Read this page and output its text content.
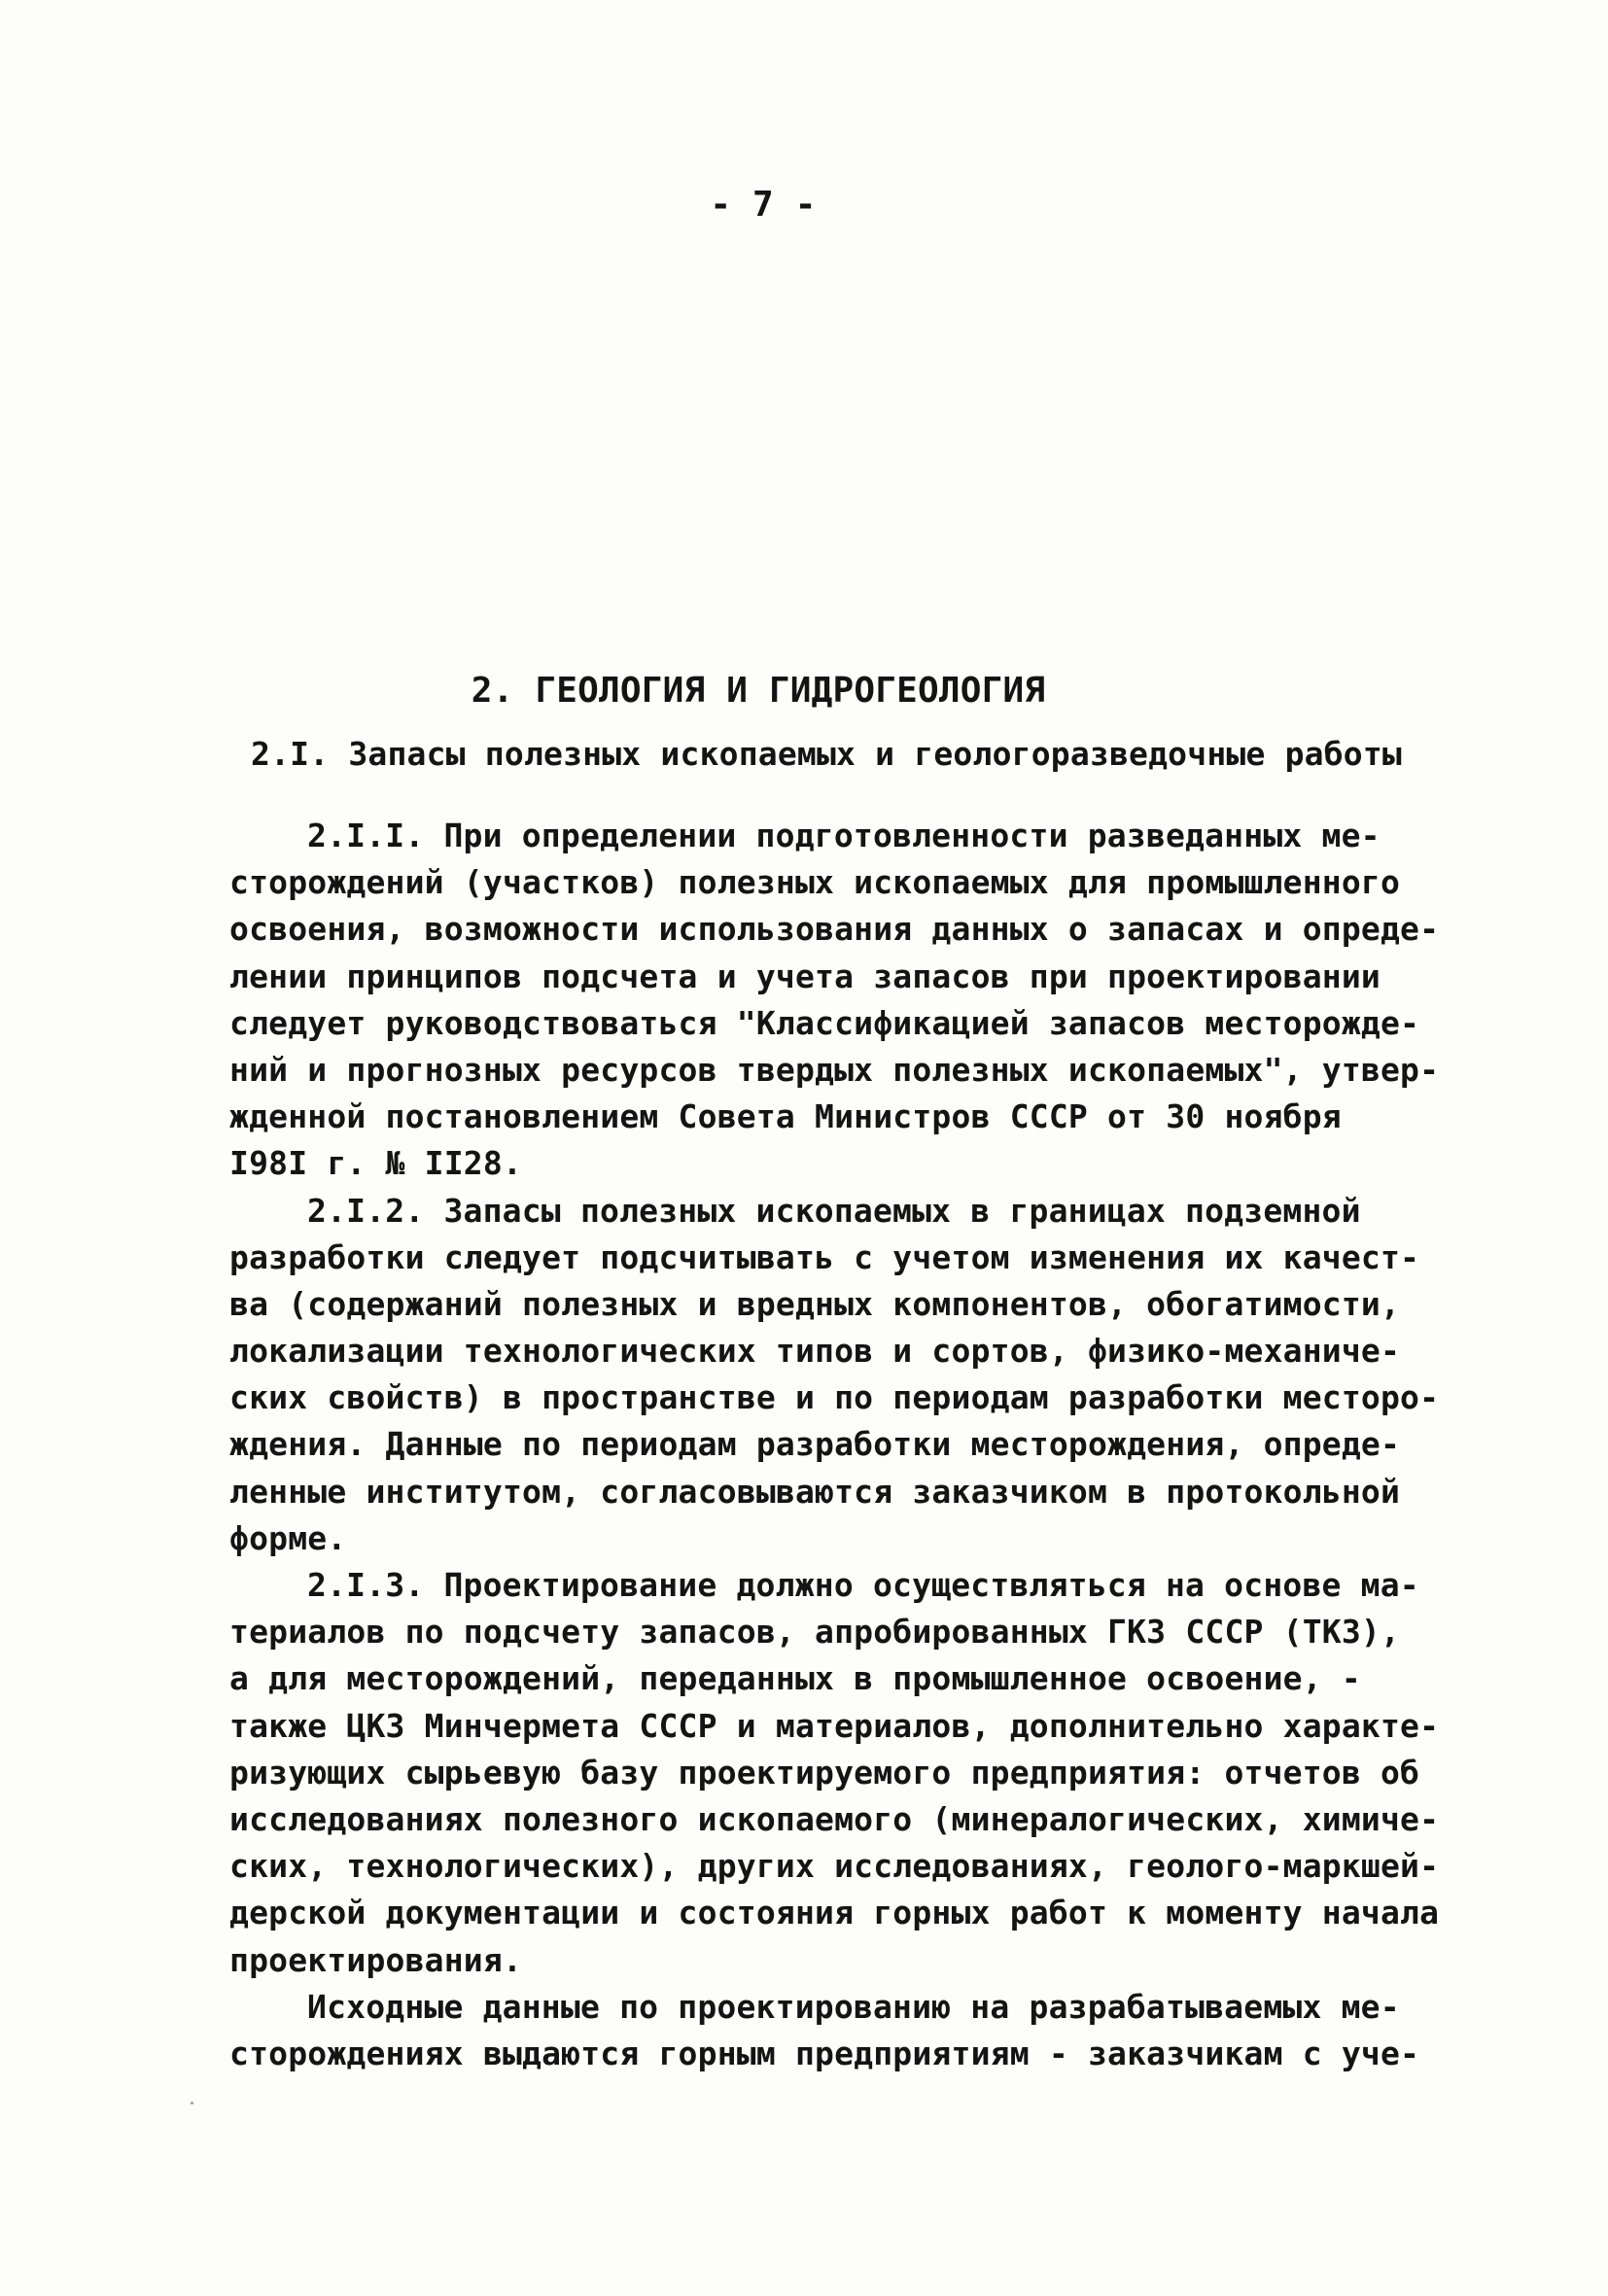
- 7 -
2. ГЕОЛОГИЯ И ГИДРОГЕОЛОГИЯ
2.I. Запасы полезных ископаемых и геологоразведочные работы
2.I.I. При определении подготовленности разведанных ме-
сторождений (участков) полезных ископаемых для промышленного
освоения, возможности использования данных о запасах и опреде-
лении принципов подсчета и учета запасов при проектировании
следует руководствоваться "Классификацией запасов месторожде-
ний и прогнозных ресурсов твердых полезных ископаемых", утвер-
жденной постановлением Совета Министров СССР от 30 ноября
I98I г. № II28.
2.I.2. Запасы полезных ископаемых в границах подземной
разработки следует подсчитывать с учетом изменения их качест-
ва (содержаний полезных и вредных компонентов, обогатимости,
локализации технологических типов и сортов, физико-механиче-
ских свойств) в пространстве и по периодам разработки месторо-
ждения. Данные по периодам разработки месторождения, опреде-
ленные институтом, согласовываются заказчиком в протокольной
форме.
2.I.3. Проектирование должно осуществляться на основе ма-
териалов по подсчету запасов, апробированных ГКЗ СССР (ТКЗ),
а для месторождений, переданных в промышленное освоение, -
также ЦКЗ Минчермета СССР и материалов, дополнительно характе-
ризующих сырьевую базу проектируемого предприятия: отчетов об
исследованиях полезного ископаемого (минералогических, химиче-
ских, технологических), других исследованиях, геолого-маркшей-
дерской документации и состояния горных работ к моменту начала
проектирования.
Исходные данные по проектированию на разрабатываемых ме-
сторождениях выдаются горным предприятиям - заказчикам с уче-
